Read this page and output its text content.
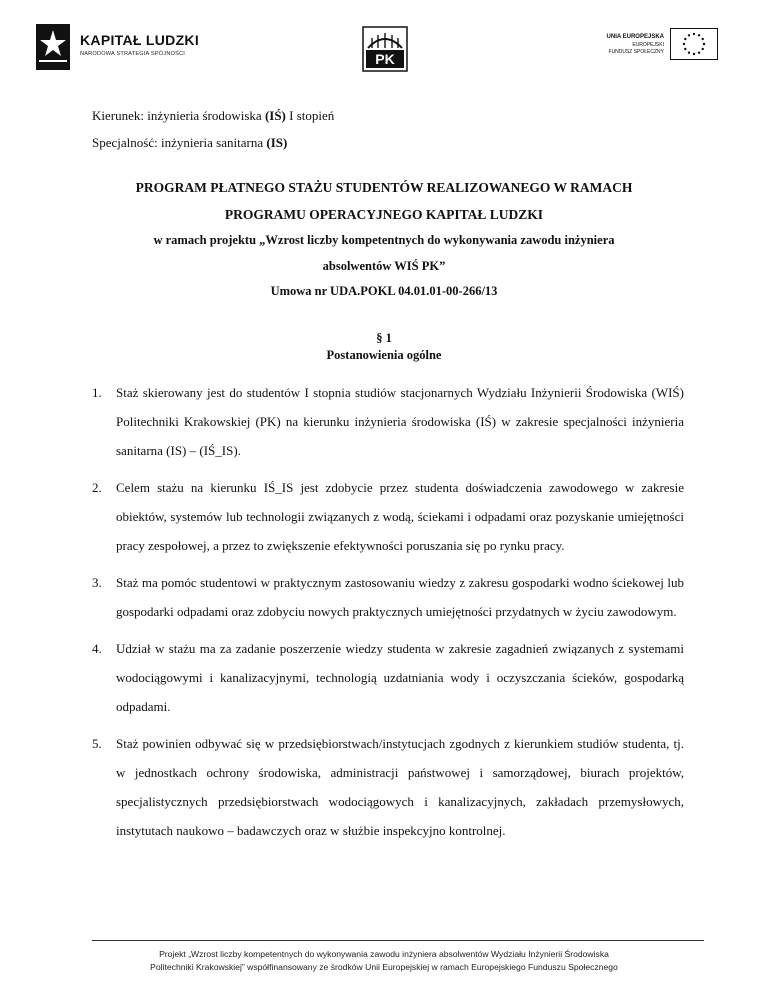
KAPITAŁ LUDZKI
NARODOWA STRATEGIA SPÓJNOŚCI	PK
UNIA EUROPEJSKA
EUROPEJSKI
FUNDUSZ SPOŁECZNY
Kierunek: inżynieria środowiska (IŚ) I stopień
Specjalność: inżynieria sanitarna (IS)
PROGRAM PŁATNEGO STAŻU STUDENTÓW REALIZOWANEGO W RAMACH
PROGRAMU OPERACYJNEGO KAPITAŁ LUDZKI
w ramach projektu „Wzrost liczby kompetentnych do wykonywania zawodu inżyniera
absolwentów WIŚ PK”
Umowa nr UDA.POKL 04.01.01-00-266/13
§ 1
Postanowienia ogólne
1. Staż skierowany jest do studentów I stopnia studiów stacjonarnych Wydziału Inżynierii Środowiska (WIŚ) Politechniki Krakowskiej (PK) na kierunku inżynieria środowiska (IŚ) w zakresie specjalności inżynieria sanitarna (IS) – (IŚ_IS).
2. Celem stażu na kierunku IŚ_IS jest zdobycie przez studenta doświadczenia zawodowego w zakresie obiektów, systemów lub technologii związanych z wodą, ściekami i odpadami oraz pozyskanie umiejętności pracy zespołowej, a przez to zwiększenie efektywności poruszania się po rynku pracy.
3. Staż ma pomóc studentowi w praktycznym zastosowaniu wiedzy z zakresu gospodarki wodno ściekowej lub gospodarki odpadami oraz zdobyciu nowych praktycznych umiejętności przydatnych w życiu zawodowym.
4. Udział w stażu ma za zadanie poszerzenie wiedzy studenta w zakresie zagadnień związanych z systemami wodociągowymi i kanalizacyjnymi, technologią uzdatniania wody i oczyszczania ścieków, gospodarką odpadami.
5. Staż powinien odbywać się w przedsiębiorstwach/instytucjach zgodnych z kierunkiem studiów studenta, tj. w jednostkach ochrony środowiska, administracji państwowej i samorządowej, biurach projektów, specjalistycznych przedsiębiorstwach wodociągowych i kanalizacyjnych, zakładach przemysłowych, instytutach naukowo – badawczych oraz w służbie inspekcyjno kontrolnej.
Projekt „Wzrost liczby kompetentnych do wykonywania zawodu inżyniera absolwentów Wydziału Inżynierii Środowiska
Politechniki Krakowskiej” współfinansowany ze środków Unii Europejskiej w ramach Europejskiego Funduszu Społecznego
